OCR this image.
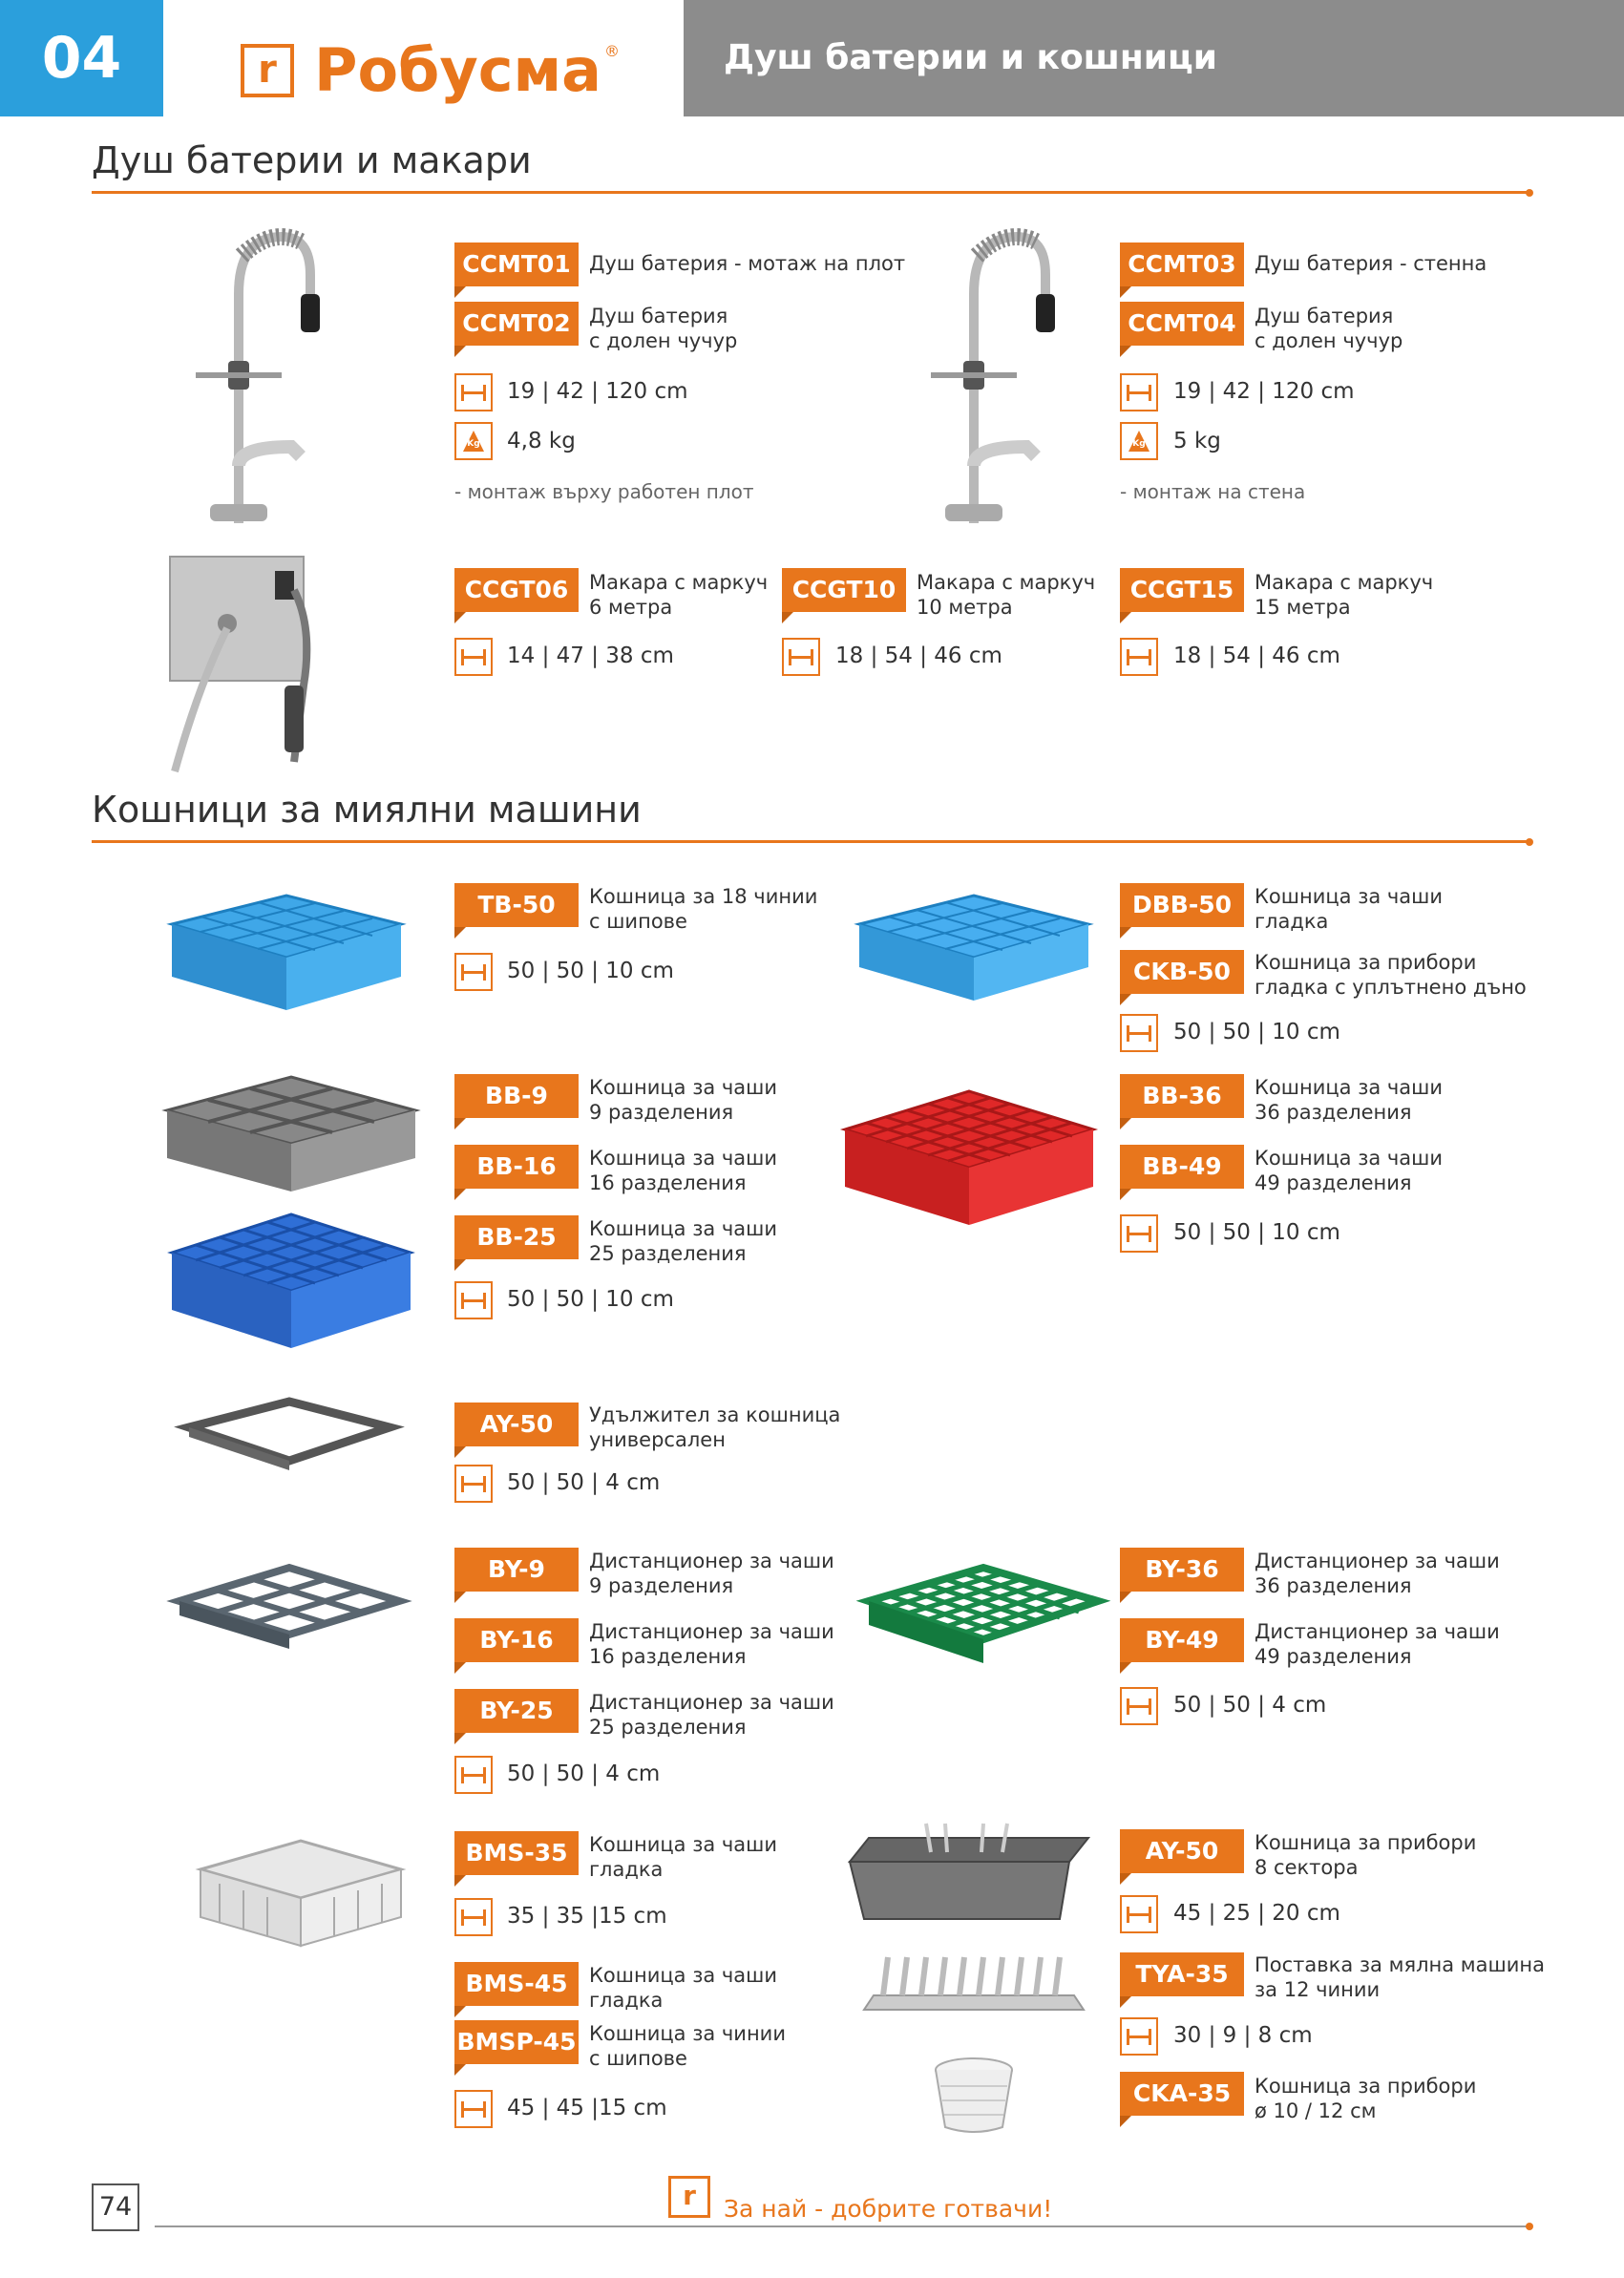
04	r Робусма ®	Душ батерии и кошници
Душ батерии и макари
CCMT01 Душ батерия - мотаж на плот
CCMT02 Душ батерия
с долен чучур
19 | 42 | 120 cm
Kg	4,8 kg
- монтаж върху работен плот
CCMT03 Душ батерия - стенна
CCMT04 Душ батерия
с долен чучур
19 | 42 | 120 cm
Kg	5 kg
- монтаж на стена
CCGT06	Макара с маркуч
6 метра
14 | 47 | 38 cm
CCGT10	Макара с маркуч
10 метра
18 | 54 | 46 cm
CCGT15	Макара с маркуч
15 метра
18 | 54 | 46 cm
Кошници за миялни машини
TB-50	Кошница за 18 чинии
с шипове
50 | 50 | 10 cm
DBB-50	Кошница за чаши
гладка
CKB-50	Кошница за прибори
гладка с уплътнено дъно
50 | 50 | 10 cm
BB-9	Кошница за чаши
9 разделения
BB-16	Кошница за чаши
16 разделения
BB-25	Кошница за чаши
25 разделения
50 | 50 | 10 cm
BB-36	Кошница за чаши
36 разделения
BB-49	Кошница за чаши
49 разделения
50 | 50 | 10 cm
AY-50	Удължител за кошница
универсален
50 | 50 | 4 cm
BY-9	Дистанционер за чаши
9 разделения
BY-16	Дистанционер за чаши
16 разделения
BY-25	Дистанционер за чаши
25 разделения
50 | 50 | 4 cm
BY-36	Дистанционер за чаши
36 разделения
BY-49	Дистанционер за чаши
49 разделения
50 | 50 | 4 cm
BMS-35	Кошница за чаши
гладка
35 | 35 |15 cm
BMS-45	Кошница за чаши
гладка
BMSP-45 Кошница за чинии
с шипове
45 | 45 |15 cm
AY-50	Кошница за прибори
8 сектора
45 | 25 | 20 cm
TYA-35	Поставка за мялна машина
за 12 чинии
30 | 9 | 8 cm
CKA-35	Кошница за прибори
ø 10 / 12 см
74	r	За най - добрите готвачи!
